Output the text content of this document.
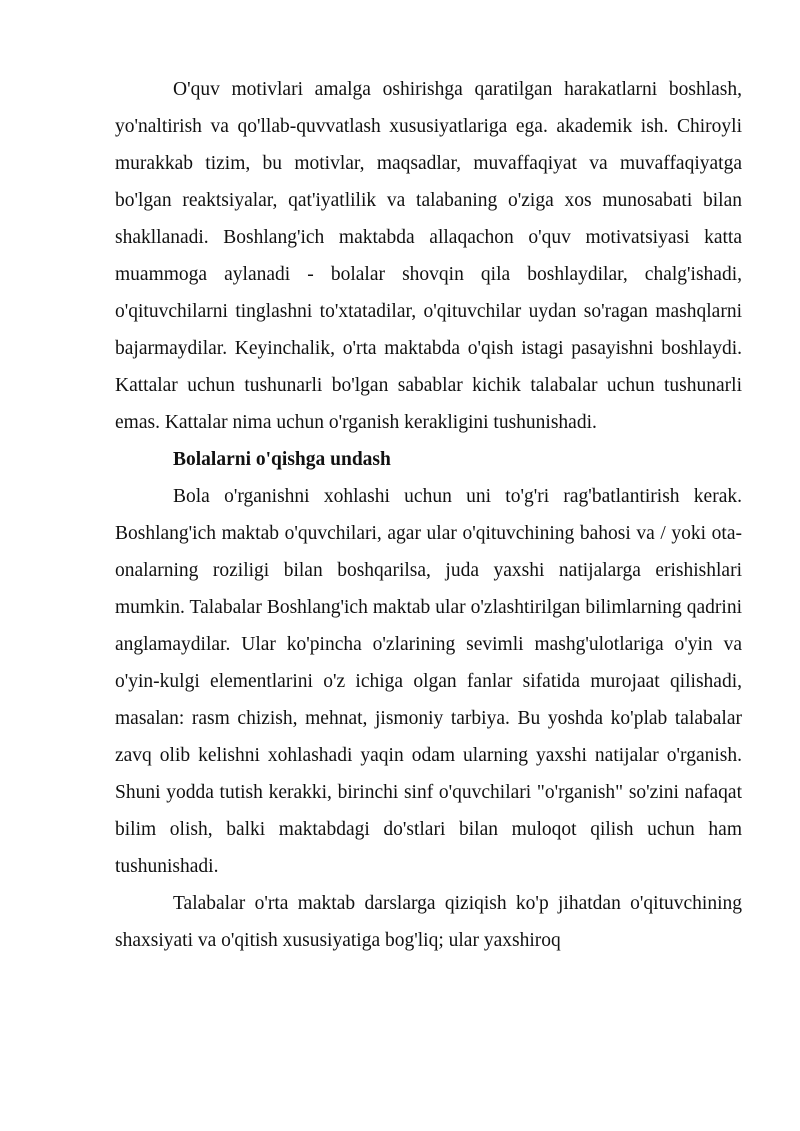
O'quv motivlari amalga oshirishga qaratilgan harakatlarni boshlash, yo'naltirish va qo'llab-quvvatlash xususiyatlariga ega. akademik ish. Chiroyli murakkab tizim, bu motivlar, maqsadlar, muvaffaqiyat va muvaffaqiyatga bo'lgan reaktsiyalar, qat'iyatlilik va talabaning o'ziga xos munosabati bilan shakllanadi. Boshlang'ich maktabda allaqachon o'quv motivatsiyasi katta muammoga aylanadi - bolalar shovqin qila boshlaydilar, chalg'ishadi, o'qituvchilarni tinglashni to'xtatadilar, o'qituvchilar uydan so'ragan mashqlarni bajarmaydilar. Keyinchalik, o'rta maktabda o'qish istagi pasayishni boshlaydi. Kattalar uchun tushunarli bo'lgan sabablar kichik talabalar uchun tushunarli emas. Kattalar nima uchun o'rganish kerakligini tushunishadi.

Bolalarni o'qishga undash

Bola o'rganishni xohlashi uchun uni to'g'ri rag'batlantirish kerak. Boshlang'ich maktab o'quvchilari, agar ular o'qituvchining bahosi va / yoki ota-onalarning roziligi bilan boshqarilsa, juda yaxshi natijalarga erishishlari mumkin. Talabalar Boshlang'ich maktab ular o'zlashtirilgan bilimlarning qadrini anglamaydilar. Ular ko'pincha o'zlarining sevimli mashg'ulotlariga o'yin va o'yin-kulgi elementlarini o'z ichiga olgan fanlar sifatida murojaat qilishadi, masalan: rasm chizish, mehnat, jismoniy tarbiya. Bu yoshda ko'plab talabalar zavq olib kelishni xohlashadi yaqin odam ularning yaxshi natijalar o'rganish. Shuni yodda tutish kerakki, birinchi sinf o'quvchilari "o'rganish" so'zini nafaqat bilim olish, balki maktabdagi do'stlari bilan muloqot qilish uchun ham tushunishadi.

Talabalar o'rta maktab darslarga qiziqish ko'p jihatdan o'qituvchining shaxsiyati va o'qitish xususiyatiga bog'liq; ular yaxshiroq
